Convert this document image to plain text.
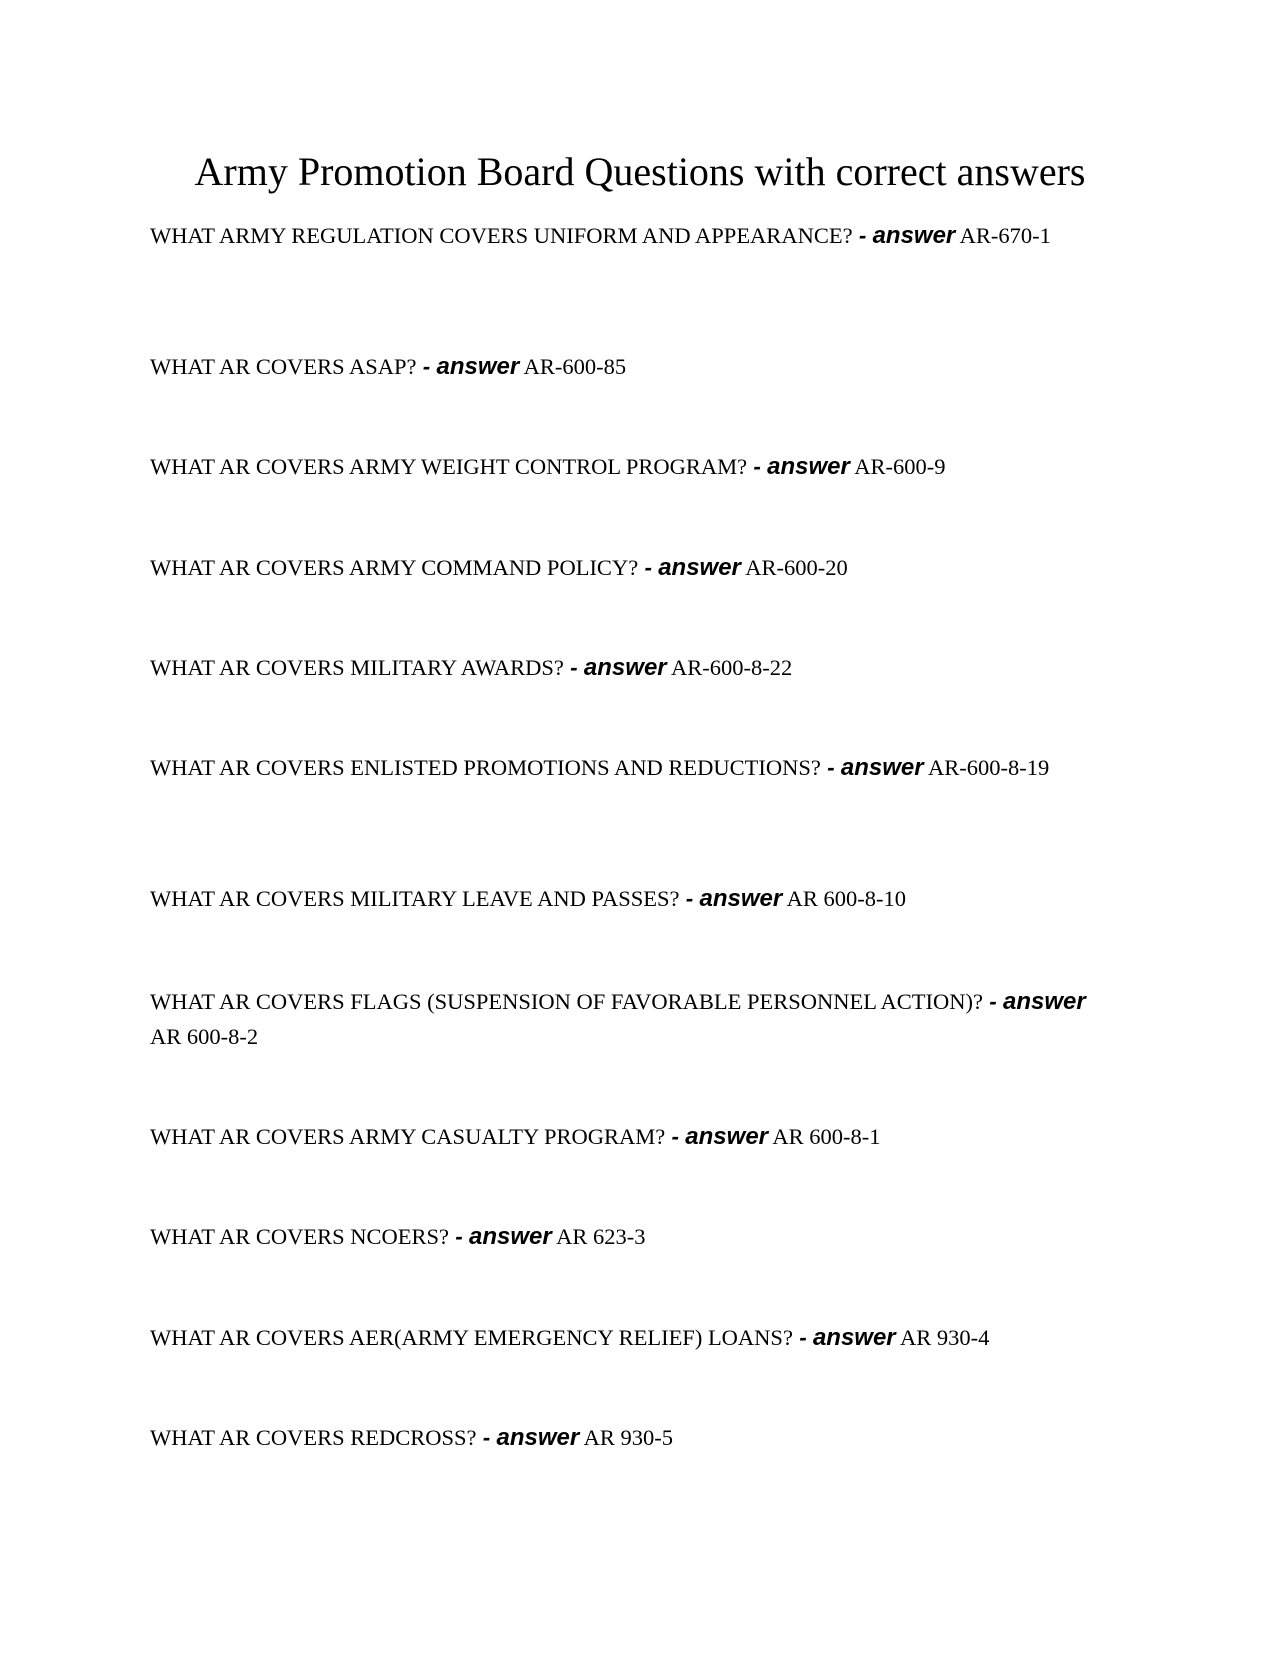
Army Promotion Board Questions with correct answers

WHAT ARMY REGULATION COVERS UNIFORM AND APPEARANCE? - answer AR-670-1

WHAT AR COVERS ASAP? - answer AR-600-85

WHAT AR COVERS ARMY WEIGHT CONTROL PROGRAM? - answer AR-600-9

WHAT AR COVERS ARMY COMMAND POLICY? - answer AR-600-20

WHAT AR COVERS MILITARY AWARDS? - answer AR-600-8-22

WHAT AR COVERS ENLISTED PROMOTIONS AND REDUCTIONS? - answer AR-600-8-19

WHAT AR COVERS MILITARY LEAVE AND PASSES? - answer AR 600-8-10

WHAT AR COVERS FLAGS (SUSPENSION OF FAVORABLE PERSONNEL ACTION)? - answer AR 600-8-2

WHAT AR COVERS ARMY CASUALTY PROGRAM? - answer AR 600-8-1

WHAT AR COVERS NCOERS? - answer AR 623-3

WHAT AR COVERS AER(ARMY EMERGENCY RELIEF) LOANS? - answer AR 930-4

WHAT AR COVERS REDCROSS? - answer AR 930-5
